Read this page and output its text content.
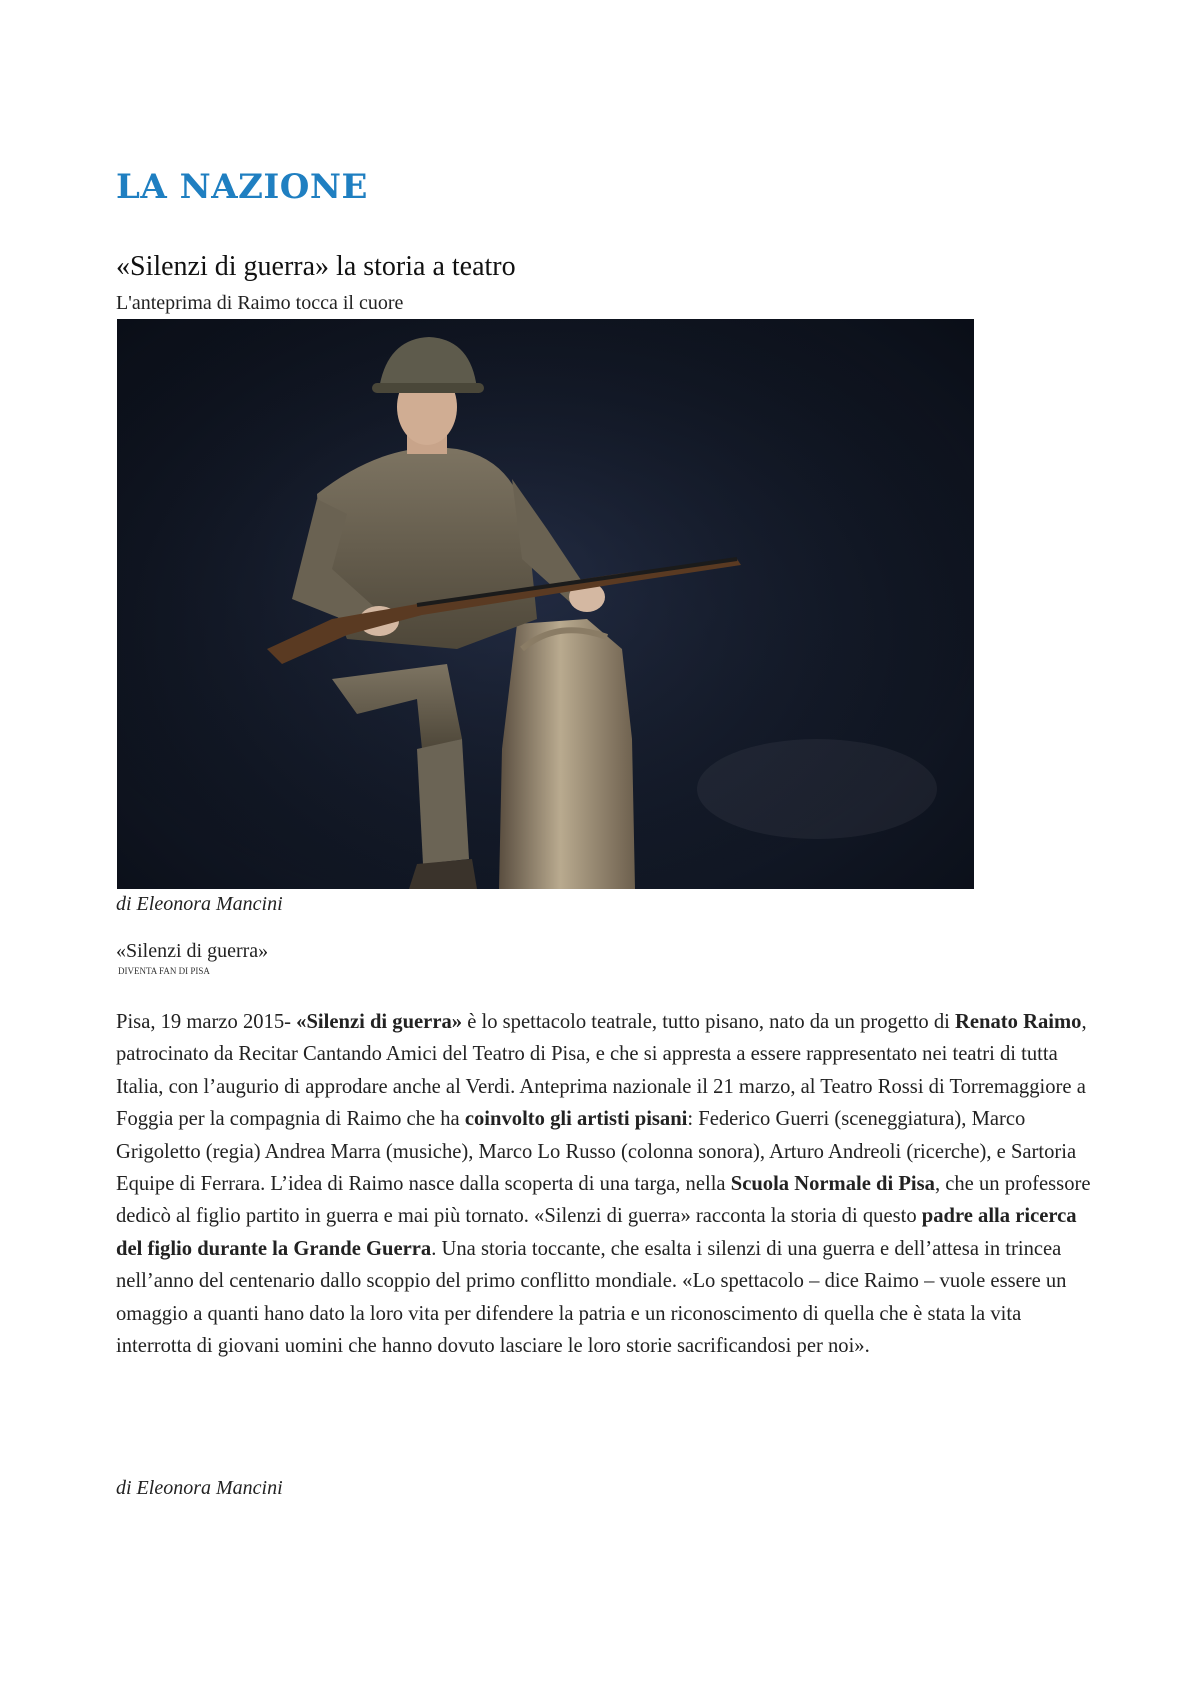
LA NAZIONE
«Silenzi di guerra» la storia a teatro

L'anteprima di Raimo tocca il cuore

di Eleonora Mancini

«Silenzi di guerra»

DIVENTA FAN DI PISA

Pisa, 19 marzo 2015- «Silenzi di guerra» è lo spettacolo teatrale, tutto pisano, nato da un progetto di Renato Raimo, patrocinato da Recitar Cantando Amici del Teatro di Pisa, e che si appresta a essere rappresentato nei teatri di tutta Italia, con l’augurio di approdare anche al Verdi. Anteprima nazionale il 21 marzo, al Teatro Rossi di Torremaggiore a Foggia per la compagnia di Raimo che ha coinvolto gli artisti pisani: Federico Guerri (sceneggiatura), Marco Grigoletto (regia) Andrea Marra (musiche), Marco Lo Russo (colonna sonora), Arturo Andreoli (ricerche), e Sartoria Equipe di Ferrara. L’idea di Raimo nasce dalla scoperta di una targa, nella Scuola Normale di Pisa, che un professore dedicò al figlio partito in guerra e mai più tornato. «Silenzi di guerra» racconta la storia di questo padre alla ricerca del figlio durante la Grande Guerra. Una storia toccante, che esalta i silenzi di una guerra e dell’attesa in trincea nell’anno del centenario dallo scoppio del primo conflitto mondiale. «Lo spettacolo – dice Raimo – vuole essere un omaggio a quanti hano dato la loro vita per difendere la patria e un riconoscimento di quella che è stata la vita interrotta di giovani uomini che hanno dovuto lasciare le loro storie sacrificandosi per noi».

di Eleonora Mancini
